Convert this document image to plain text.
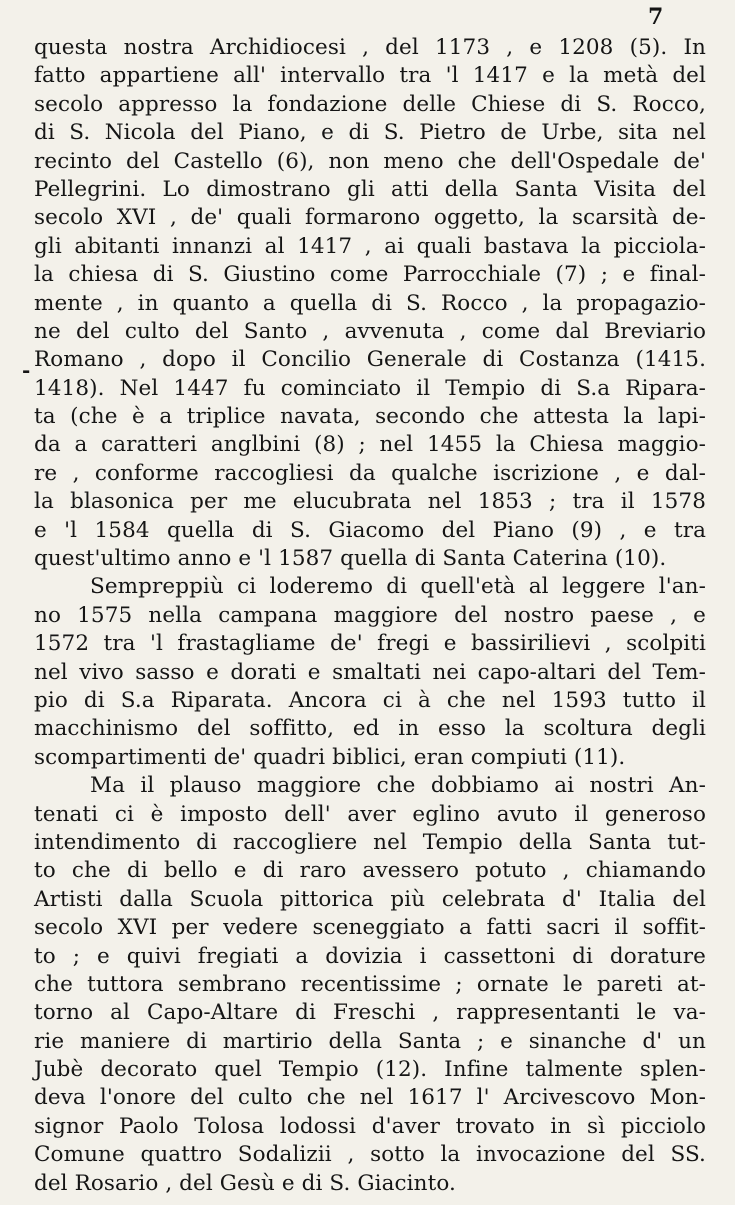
7
-
questa nostra Archidiocesi , del 1173 , e 1208 (5). In
fatto appartiene all' intervallo tra 'l 1417 e la metà del
secolo appresso la fondazione delle Chiese di S. Rocco,
di S. Nicola del Piano, e di S. Pietro de Urbe, sita nel
recinto del Castello (6), non meno che dell'Ospedale de'
Pellegrini. Lo dimostrano gli atti della Santa Visita del
secolo XVI , de' quali formarono oggetto, la scarsità de-
gli abitanti innanzi al 1417 , ai quali bastava la picciola-
la chiesa di S. Giustino come Parrocchiale (7) ; e final-
mente , in quanto a quella di S. Rocco , la propagazio-
ne del culto del Santo , avvenuta , come dal Breviario
Romano , dopo il Concilio Generale di Costanza (1415.
1418). Nel 1447 fu cominciato il Tempio di S.a Ripara-
ta (che è a triplice navata, secondo che attesta la lapi-
da a caratteri anglbini (8) ; nel 1455 la Chiesa maggio-
re , conforme raccogliesi da qualche iscrizione , e dal-
la blasonica per me elucubrata nel 1853 ; tra il 1578
e 'l 1584 quella di S. Giacomo del Piano (9) , e tra
quest'ultimo anno e 'l 1587 quella di Santa Caterina (10).
Sempreppiù ci loderemo di quell'età al leggere l'an-
no 1575 nella campana maggiore del nostro paese , e
1572 tra 'l frastagliame de' fregi e bassirilievi , scolpiti
nel vivo sasso e dorati e smaltati nei capo-altari del Tem-
pio di S.a Riparata. Ancora ci à che nel 1593 tutto il
macchinismo del soffitto, ed in esso la scoltura degli
scompartimenti de' quadri biblici, eran compiuti (11).
Ma il plauso maggiore che dobbiamo ai nostri An-
tenati ci è imposto dell' aver eglino avuto il generoso
intendimento di raccogliere nel Tempio della Santa tut-
to che di bello e di raro avessero potuto , chiamando
Artisti dalla Scuola pittorica più celebrata d' Italia del
secolo XVI per vedere sceneggiato a fatti sacri il soffit-
to ; e quivi fregiati a dovizia i cassettoni di dorature
che tuttora sembrano recentissime ; ornate le pareti at-
torno al Capo-Altare di Freschi , rappresentanti le va-
rie maniere di martirio della Santa ; e sinanche d' un
Jubè decorato quel Tempio (12). Infine talmente splen-
deva l'onore del culto che nel 1617 l' Arcivescovo Mon-
signor Paolo Tolosa lodossi d'aver trovato in sì picciolo
Comune quattro Sodalizii , sotto la invocazione del SS.
del Rosario , del Gesù e di S. Giacinto.
